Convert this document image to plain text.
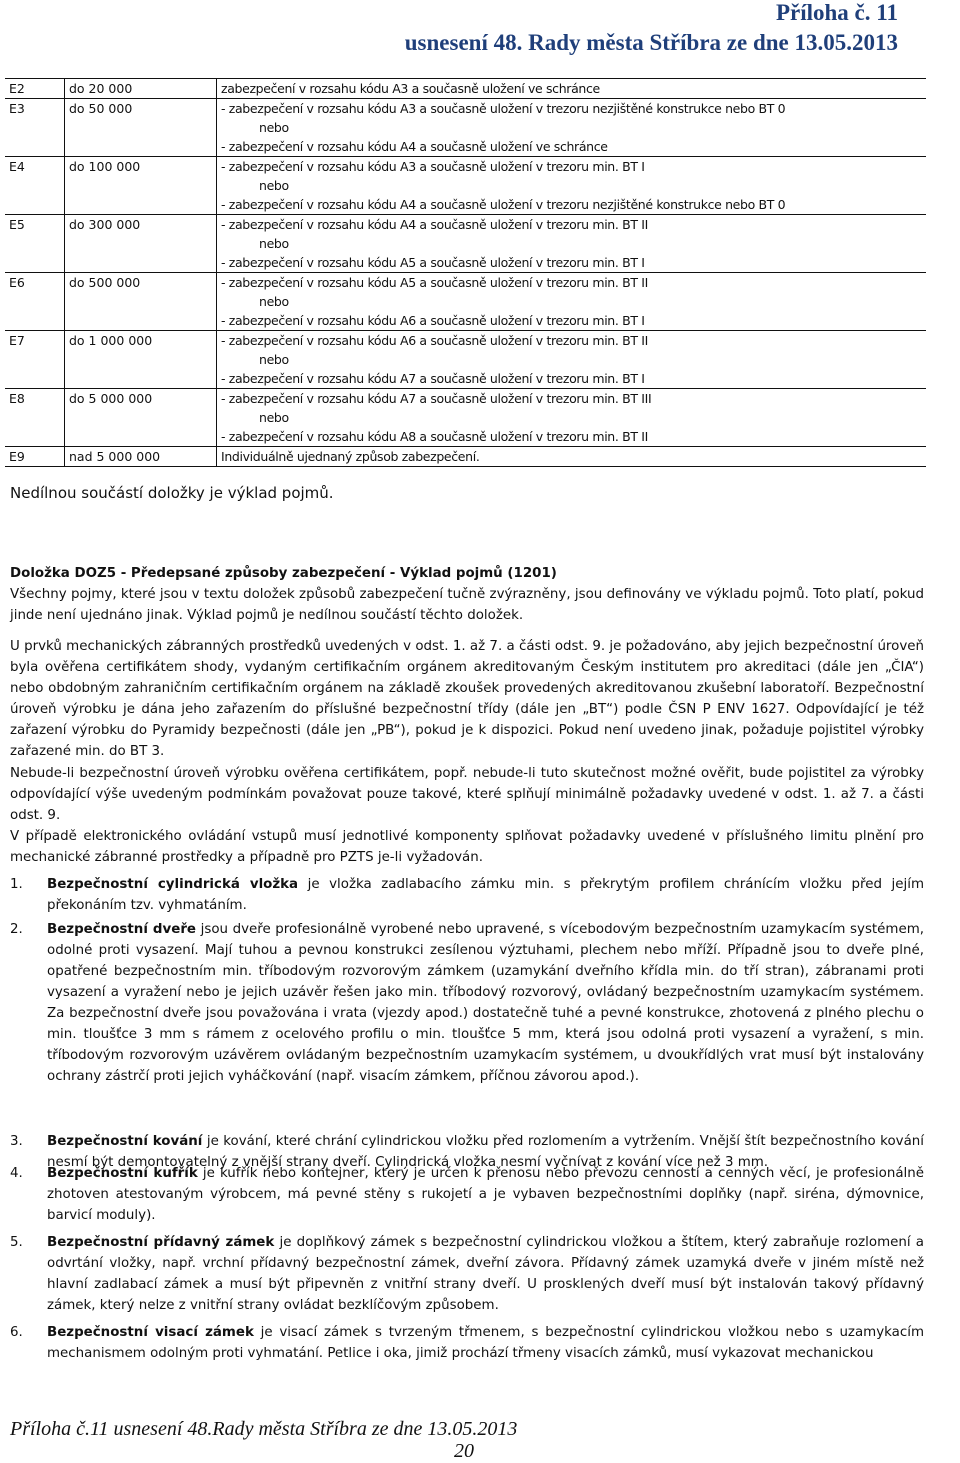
Příloha č. 11
usnesení 48. Rady města Stříbra ze dne 13.05.2013
E2	do 20 000	zabezpečení v rozsahu kódu A3 a současně uložení ve schránce
E3	do 50 000	- zabezpečení v rozsahu kódu A3 a současně uložení v trezoru nezjištěné konstrukce nebo BT 0
nebo
- zabezpečení v rozsahu kódu A4 a současně uložení ve schránce
E4	do 100 000	- zabezpečení v rozsahu kódu A3 a současně uložení v trezoru min. BT I
nebo
- zabezpečení v rozsahu kódu A4 a současně uložení v trezoru nezjištěné konstrukce nebo BT 0
E5	do 300 000	- zabezpečení v rozsahu kódu A4 a současně uložení v trezoru min. BT II
nebo
- zabezpečení v rozsahu kódu A5 a současně uložení v trezoru min. BT I
E6	do 500 000	- zabezpečení v rozsahu kódu A5 a současně uložení v trezoru min. BT II
nebo
- zabezpečení v rozsahu kódu A6 a současně uložení v trezoru min. BT I
E7	do 1 000 000	- zabezpečení v rozsahu kódu A6 a současně uložení v trezoru min. BT II
nebo
- zabezpečení v rozsahu kódu A7 a současně uložení v trezoru min. BT I
E8	do 5 000 000	- zabezpečení v rozsahu kódu A7 a současně uložení v trezoru min. BT III
nebo
- zabezpečení v rozsahu kódu A8 a současně uložení v trezoru min. BT II
E9	nad 5 000 000	Individuálně ujednaný způsob zabezpečení.
Nedílnou součástí doložky je výklad pojmů.
Doložka DOZ5 - Předepsané způsoby zabezpečení - Výklad pojmů (1201)
Všechny pojmy, které jsou v textu doložek způsobů zabezpečení tučně zvýrazněny, jsou definovány ve výkladu pojmů. Toto platí, pokud jinde není ujednáno jinak. Výklad pojmů je nedílnou součástí těchto doložek.
U prvků mechanických zábranných prostředků uvedených v odst. 1. až 7. a části odst. 9. je požadováno, aby jejich bezpečnostní úroveň byla ověřena certifikátem shody, vydaným certifikačním orgánem akreditovaným Českým institutem pro akreditaci (dále jen „ČIA“) nebo obdobným zahraničním certifikačním orgánem na základě zkoušek provedených akreditovanou zkušební laboratoří. Bezpečnostní úroveň výrobku je dána jeho zařazením do příslušné bezpečnostní třídy (dále jen „BT“) podle ČSN P ENV 1627. Odpovídající je též zařazení výrobku do Pyramidy bezpečnosti (dále jen „PB“), pokud je k dispozici. Pokud není uvedeno jinak, požaduje pojistitel výrobky zařazené min. do BT 3.
Nebude-li bezpečnostní úroveň výrobku ověřena certifikátem, popř. nebude-li tuto skutečnost možné ověřit, bude pojistitel za výrobky odpovídající výše uvedeným podmínkám považovat pouze takové, které splňují minimálně požadavky uvedené v odst. 1. až 7. a části odst. 9.
V případě elektronického ovládání vstupů musí jednotlivé komponenty splňovat požadavky uvedené v příslušného limitu plnění pro mechanické zábranné prostředky a případně pro PZTS je-li vyžadován.
1.	Bezpečnostní cylindrická vložka je vložka zadlabacího zámku min. s překrytým profilem chránícím vložku před jejím překonáním tzv. vyhmatáním.
2.	Bezpečnostní dveře jsou dveře profesionálně vyrobené nebo upravené, s vícebodovým bezpečnostním uzamykacím systémem, odolné proti vysazení. Mají tuhou a pevnou konstrukci zesílenou výztuhami, plechem nebo mříží. Případně jsou to dveře plné, opatřené bezpečnostním min. tříbodovým rozvorovým zámkem (uzamykání dveřního křídla min. do tří stran), zábranami proti vysazení a vyražení nebo je jejich uzávěr řešen jako min. tříbodový rozvorový, ovládaný bezpečnostním uzamykacím systémem. Za bezpečnostní dveře jsou považována i vrata (vjezdy apod.) dostatečně tuhé a pevné konstrukce, zhotovená z plného plechu o min. tloušťce 3 mm s rámem z ocelového profilu o min. tloušťce 5 mm, která jsou odolná proti vysazení a vyražení, s min. tříbodovým rozvorovým uzávěrem ovládaným bezpečnostním uzamykacím systémem, u dvoukřídlých vrat musí být instalovány ochrany zástrčí proti jejich vyháčkování (např. visacím zámkem, příčnou závorou apod.).
3.	Bezpečnostní kování je kování, které chrání cylindrickou vložku před rozlomením a vytržením. Vnější štít bezpečnostního kování nesmí být demontovatelný z vnější strany dveří. Cylindrická vložka nesmí vyčnívat z kování více než 3 mm.
4.	Bezpečnostní kufřík je kufřík nebo kontejner, který je určen k přenosu nebo převozu cenností a cenných věcí, je profesionálně zhotoven atestovaným výrobcem, má pevné stěny s rukojetí a je vybaven bezpečnostními doplňky (např. siréna, dýmovnice, barvicí moduly).
5.	Bezpečnostní přídavný zámek je doplňkový zámek s bezpečnostní cylindrickou vložkou a štítem, který zabraňuje rozlomení a odvrtání vložky, např. vrchní přídavný bezpečnostní zámek, dveřní závora. Přídavný zámek uzamyká dveře v jiném místě než hlavní zadlabací zámek a musí být připevněn z vnitřní strany dveří. U prosklených dveří musí být instalován takový přídavný zámek, který nelze z vnitřní strany ovládat bezklíčovým způsobem.
6.	Bezpečnostní visací zámek je visací zámek s tvrzeným třmenem, s bezpečnostní cylindrickou vložkou nebo s uzamykacím mechanismem odolným proti vyhmatání. Petlice i oka, jimiž prochází třmeny visacích zámků, musí vykazovat mechanickou
Příloha č.11 usnesení 48.Rady města Stříbra ze dne 13.05.2013
20
